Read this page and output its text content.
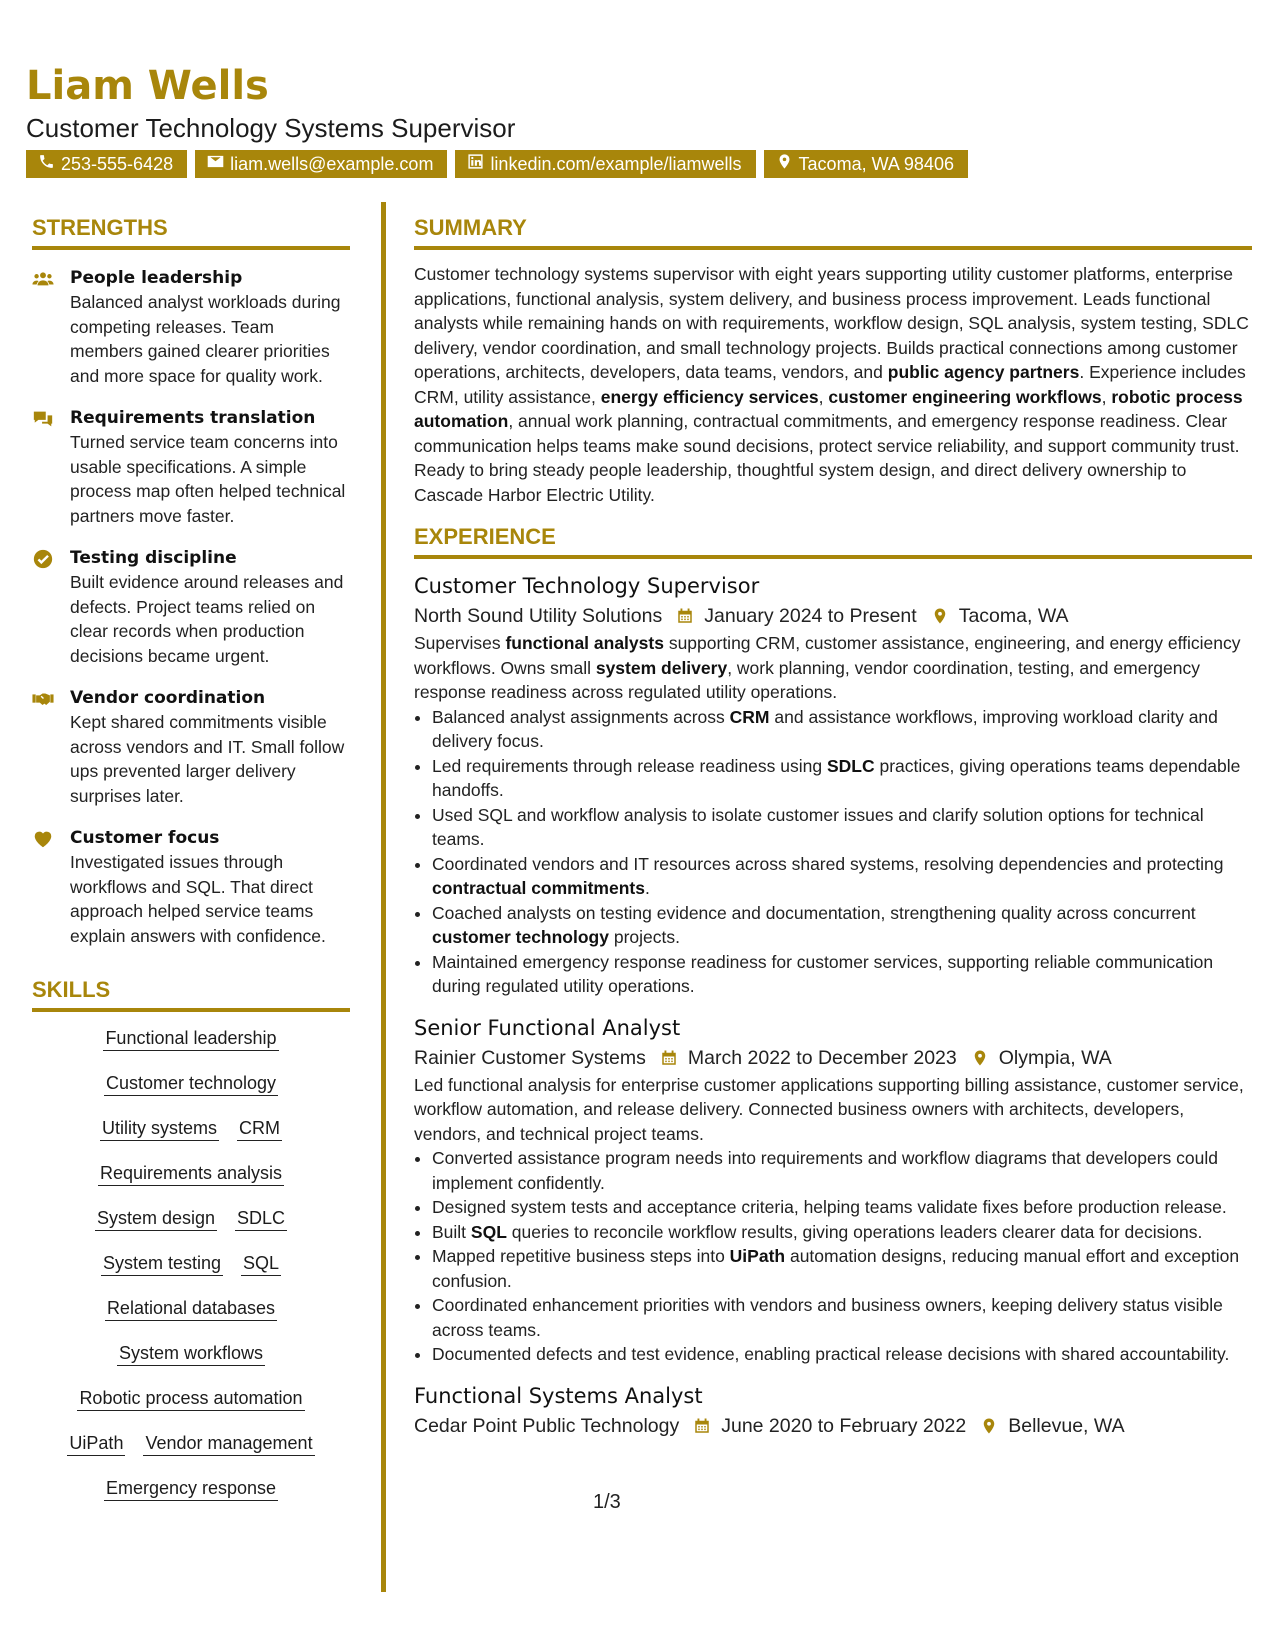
Liam Wells
Customer Technology Systems Supervisor
253-555-6428	liam.wells@example.com	linkedin.com/example/liamwells	Tacoma, WA 98406
STRENGTHS
People leadership
Balanced analyst workloads during competing releases. Team members gained clearer priorities and more space for quality work.
Requirements translation
Turned service team concerns into usable specifications. A simple process map often helped technical partners move faster.
Testing discipline
Built evidence around releases and defects. Project teams relied on clear records when production decisions became urgent.
Vendor coordination
Kept shared commitments visible across vendors and IT. Small follow ups prevented larger delivery surprises later.
Customer focus
Investigated issues through workflows and SQL. That direct approach helped service teams explain answers with confidence.
SKILLS
Functional leadership
Customer technology
Utility systems CRM
Requirements analysis
System design SDLC
System testing SQL
Relational databases
System workflows
Robotic process automation
UiPath Vendor management
Emergency response
SUMMARY

Customer technology systems supervisor with eight years supporting utility customer platforms, enterprise applications, functional analysis, system delivery, and business process improvement. Leads functional analysts while remaining hands on with requirements, workflow design, SQL analysis, system testing, SDLC delivery, vendor coordination, and small technology projects. Builds practical connections among customer operations, architects, developers, data teams, vendors, and public agency partners. Experience includes CRM, utility assistance, energy efficiency services, customer engineering workflows, robotic process automation, annual work planning, contractual commitments, and emergency response readiness. Clear communication helps teams make sound decisions, protect service reliability, and support community trust. Ready to bring steady people leadership, thoughtful system design, and direct delivery ownership to Cascade Harbor Electric Utility.

EXPERIENCE
Customer Technology Supervisor
North Sound Utility Solutions January 2024 to Present Tacoma, WA

Supervises functional analysts supporting CRM, customer assistance, engineering, and energy efficiency workflows. Owns small system delivery, work planning, vendor coordination, testing, and emergency response readiness across regulated utility operations.

• Balanced analyst assignments across CRM and assistance workflows, improving workload clarity and delivery focus.
• Led requirements through release readiness using SDLC practices, giving operations teams dependable handoffs.
• Used SQL and workflow analysis to isolate customer issues and clarify solution options for technical teams.
• Coordinated vendors and IT resources across shared systems, resolving dependencies and protecting contractual commitments.
• Coached analysts on testing evidence and documentation, strengthening quality across concurrent customer technology projects.
• Maintained emergency response readiness for customer services, supporting reliable communication during regulated utility operations.
Senior Functional Analyst
Rainier Customer Systems March 2022 to December 2023 Olympia, WA

Led functional analysis for enterprise customer applications supporting billing assistance, customer service, workflow automation, and release delivery. Connected business owners with architects, developers, vendors, and technical project teams.

• Converted assistance program needs into requirements and workflow diagrams that developers could implement confidently.
• Designed system tests and acceptance criteria, helping teams validate fixes before production release.
• Built SQL queries to reconcile workflow results, giving operations leaders clearer data for decisions.
• Mapped repetitive business steps into UiPath automation designs, reducing manual effort and exception confusion.
• Coordinated enhancement priorities with vendors and business owners, keeping delivery status visible across teams.
• Documented defects and test evidence, enabling practical release decisions with shared accountability.
Functional Systems Analyst
Cedar Point Public Technology June 2020 to February 2022 Bellevue, WA
1/3
